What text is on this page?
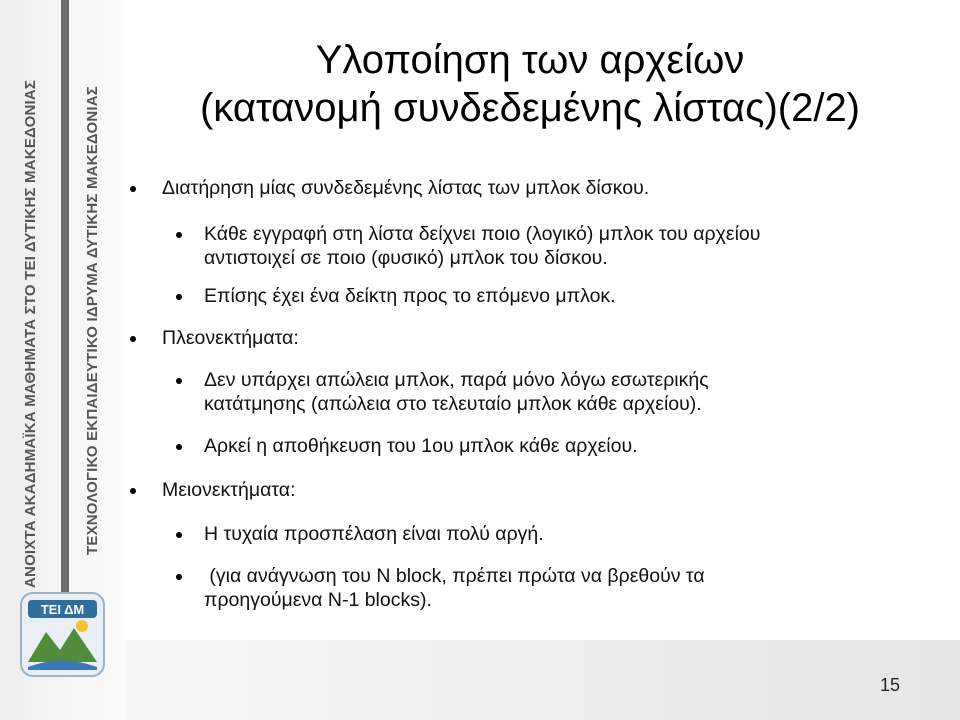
ΑΝΟΙΧΤΑ ΑΚΑΔΗΜΑΪΚΑ ΜΑΘΗΜΑΤΑ ΣΤΟ ΤΕΙ ΔΥΤΙΚΗΣ ΜΑΚΕΔΟΝΙΑΣ	ΤΕΧΝΟΛΟΓΙΚΟ ΕΚΠΑΙΔΕΥΤΙΚΟ ΙΔΡΥΜΑ ΔΥΤΙΚΗΣ ΜΑΚΕΔΟΝΙΑΣ
ΤΕΙ ΔΜ
Υλοποίηση των αρχείων
(κατανομή συνδεδεμένης λίστας)(2/2)
Διατήρηση μίας συνδεδεμένης λίστας των μπλοκ δίσκου.
Κάθε εγγραφή στη λίστα δείχνει ποιο (λογικό) μπλοκ του αρχείου
αντιστοιχεί σε ποιο (φυσικό) μπλοκ του δίσκου.
Επίσης έχει ένα δείκτη προς το επόμενο μπλοκ.
Πλεονεκτήματα:
Δεν υπάρχει απώλεια μπλοκ, παρά μόνο λόγω εσωτερικής
κατάτμησης (απώλεια στο τελευταίο μπλοκ κάθε αρχείου).
Αρκεί η αποθήκευση του 1ου μπλοκ κάθε αρχείου.
Μειονεκτήματα:
Η τυχαία προσπέλαση είναι πολύ αργή.
(για ανάγνωση του N block, πρέπει πρώτα να βρεθούν τα
προηγούμενα N-1 blocks).
15
